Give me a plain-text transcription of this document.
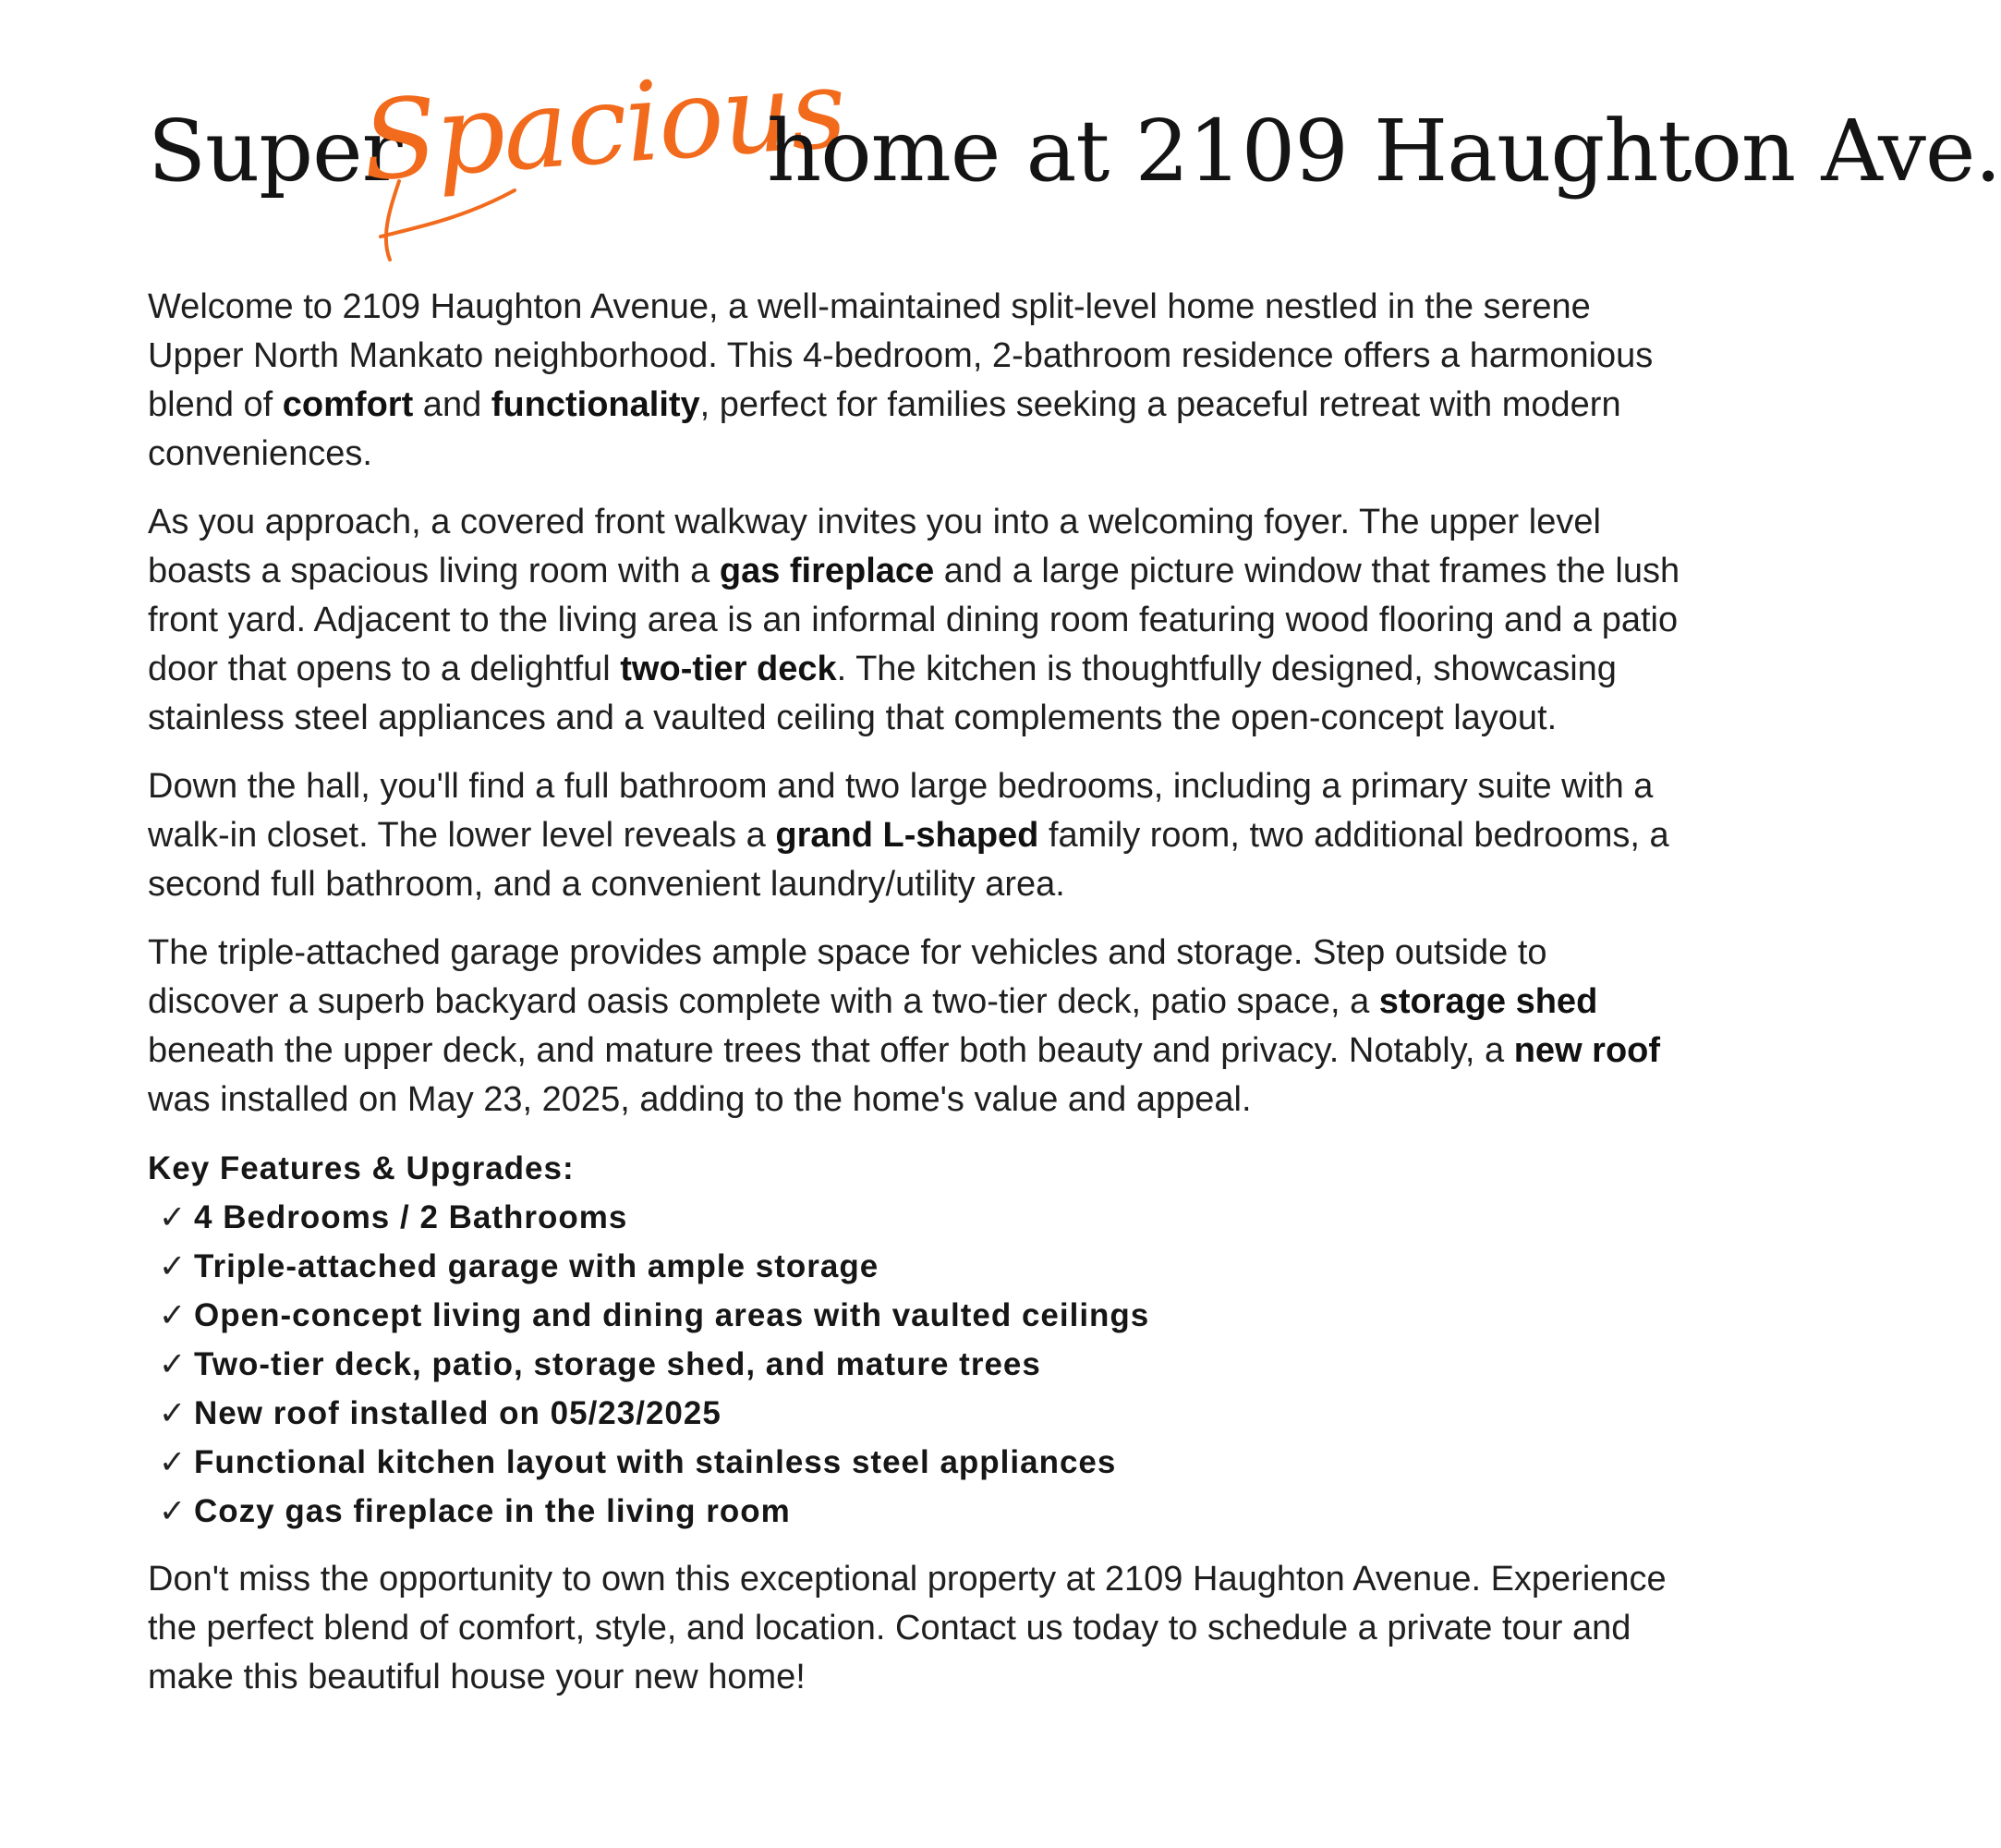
Super
Spacious
home at 2109 Haughton Ave.

Welcome to 2109 Haughton Avenue, a well-maintained split-level home nestled in the serene Upper North Mankato neighborhood. This 4-bedroom, 2-bathroom residence offers a harmonious blend of comfort and functionality, perfect for families seeking a peaceful retreat with modern conveniences.

As you approach, a covered front walkway invites you into a welcoming foyer. The upper level boasts a spacious living room with a gas fireplace and a large picture window that frames the lush front yard. Adjacent to the living area is an informal dining room featuring wood flooring and a patio door that opens to a delightful two-tier deck. The kitchen is thoughtfully designed, showcasing stainless steel appliances and a vaulted ceiling that complements the open-concept layout.

Down the hall, you'll find a full bathroom and two large bedrooms, including a primary suite with a walk-in closet. The lower level reveals a grand L-shaped family room, two additional bedrooms, a second full bathroom, and a convenient laundry/utility area.

The triple-attached garage provides ample space for vehicles and storage. Step outside to discover a superb backyard oasis complete with a two-tier deck, patio space, a storage shed beneath the upper deck, and mature trees that offer both beauty and privacy. Notably, a new roof was installed on May 23, 2025, adding to the home's value and appeal.

Key Features & Upgrades:
✓ 4 Bedrooms / 2 Bathrooms
✓ Triple-attached garage with ample storage
✓ Open-concept living and dining areas with vaulted ceilings
✓ Two-tier deck, patio, storage shed, and mature trees
✓ New roof installed on 05/23/2025
✓ Functional kitchen layout with stainless steel appliances
✓ Cozy gas fireplace in the living room

Don't miss the opportunity to own this exceptional property at 2109 Haughton Avenue. Experience the perfect blend of comfort, style, and location. Contact us today to schedule a private tour and make this beautiful house your new home!
